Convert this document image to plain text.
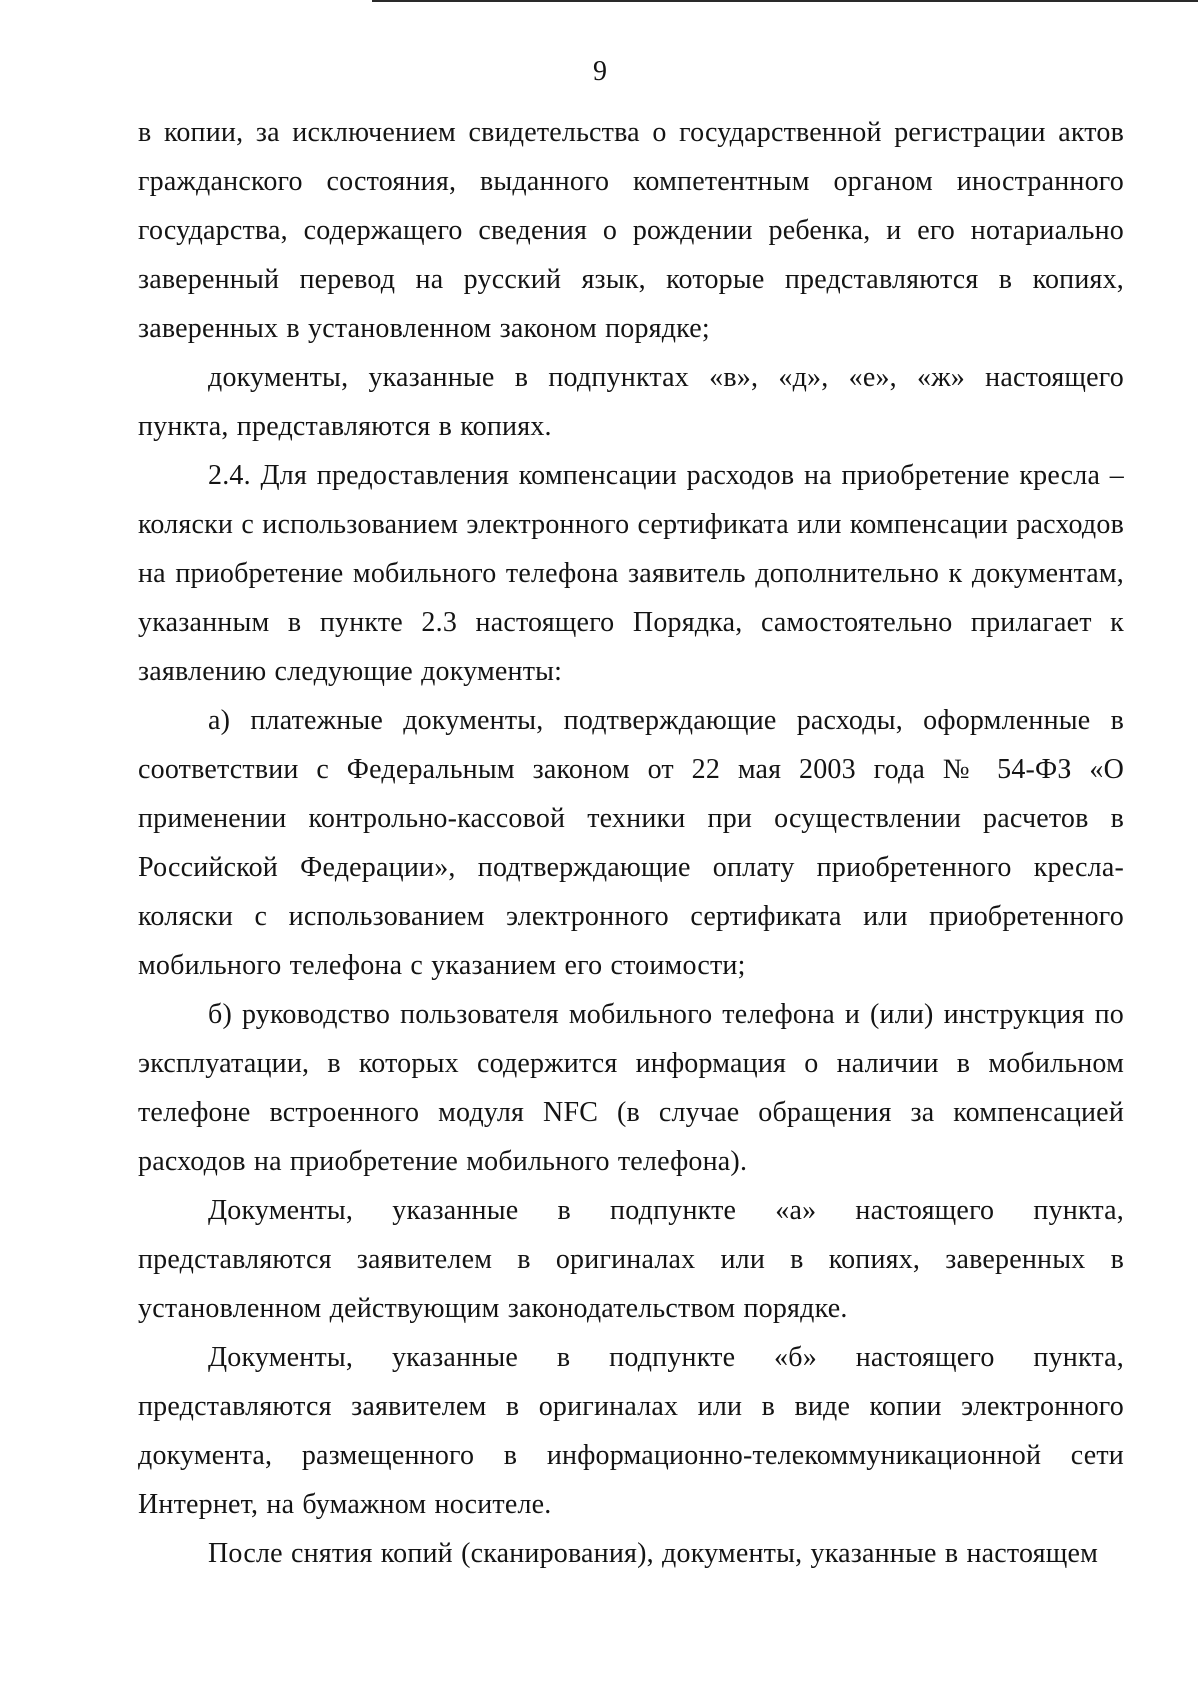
9

в копии, за исключением свидетельства о государственной регистрации актов гражданского состояния, выданного компетентным органом иностранного государства, содержащего сведения о рождении ребенка, и его нотариально заверенный перевод на русский язык, которые представляются в копиях, заверенных в установленном законом порядке;

документы, указанные в подпунктах «в», «д», «е», «ж» настоящего пункта, представляются в копиях.

2.4. Для предоставления компенсации расходов на приобретение кресла – коляски с использованием электронного сертификата или компенсации расходов на приобретение мобильного телефона заявитель дополнительно к документам, указанным в пункте 2.3 настоящего Порядка, самостоятельно прилагает к заявлению следующие документы:

а) платежные документы, подтверждающие расходы, оформленные в соответствии с Федеральным законом от 22 мая 2003 года № 54-ФЗ «О применении контрольно-кассовой техники при осуществлении расчетов в Российской Федерации», подтверждающие оплату приобретенного кресла-коляски с использованием электронного сертификата или приобретенного мобильного телефона с указанием его стоимости;

б) руководство пользователя мобильного телефона и (или) инструкция по эксплуатации, в которых содержится информация о наличии в мобильном телефоне встроенного модуля NFC (в случае обращения за компенсацией расходов на приобретение мобильного телефона).

Документы, указанные в подпункте «а» настоящего пункта, представляются заявителем в оригиналах или в копиях, заверенных в установленном действующим законодательством порядке.

Документы, указанные в подпункте «б» настоящего пункта, представляются заявителем в оригиналах или в виде копии электронного документа, размещенного в информационно-телекоммуникационной сети Интернет, на бумажном носителе.

После снятия копий (сканирования), документы, указанные в настоящем
